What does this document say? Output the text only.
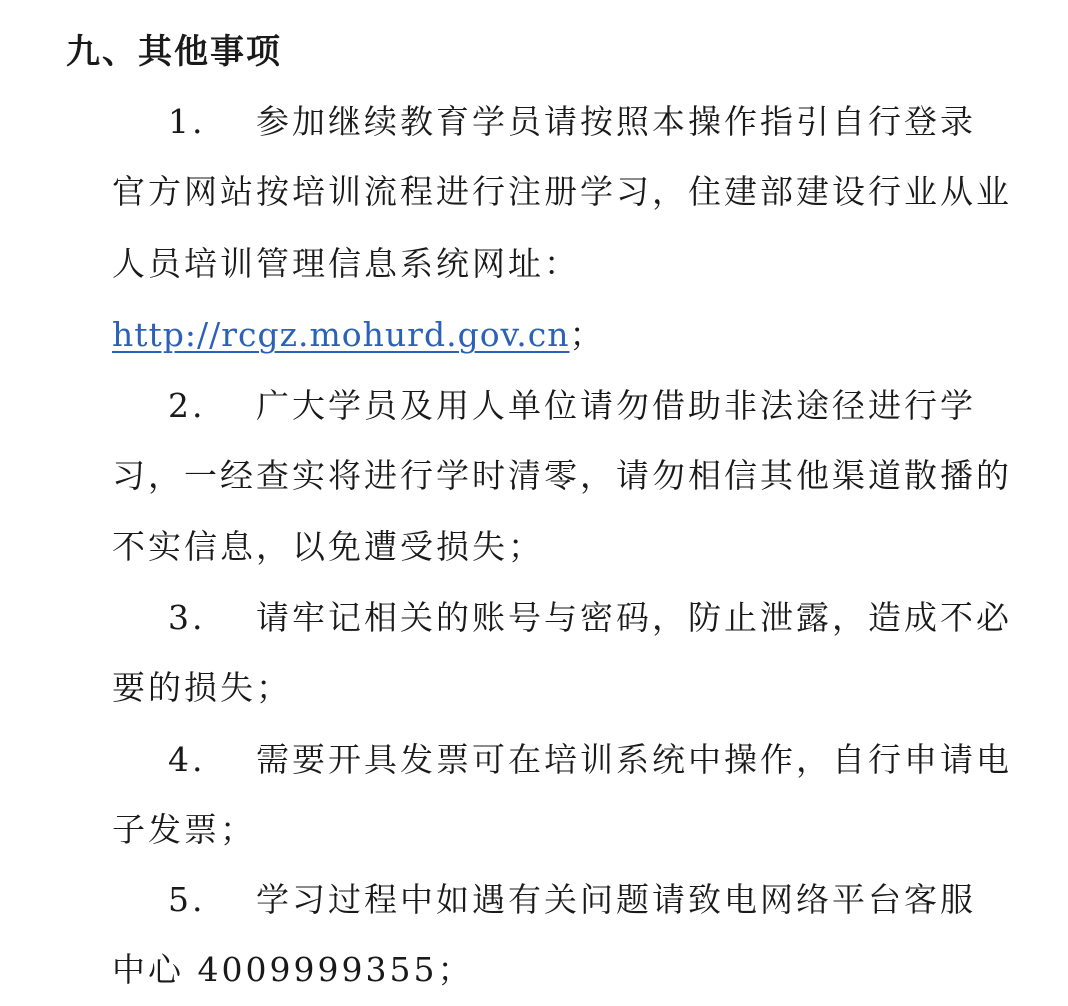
九、其他事项
1. 参加继续教育学员请按照本操作指引自行登录
官方网站按培训流程进行注册学习，住建部建设行业从业
人员培训管理信息系统网址：
http://rcgz.mohurd.gov.cn；
2. 广大学员及用人单位请勿借助非法途径进行学
习，一经查实将进行学时清零，请勿相信其他渠道散播的
不实信息，以免遭受损失；
3. 请牢记相关的账号与密码，防止泄露，造成不必
要的损失；
4. 需要开具发票可在培训系统中操作，自行申请电
子发票；
5. 学习过程中如遇有关问题请致电网络平台客服
中心 4009999355；
